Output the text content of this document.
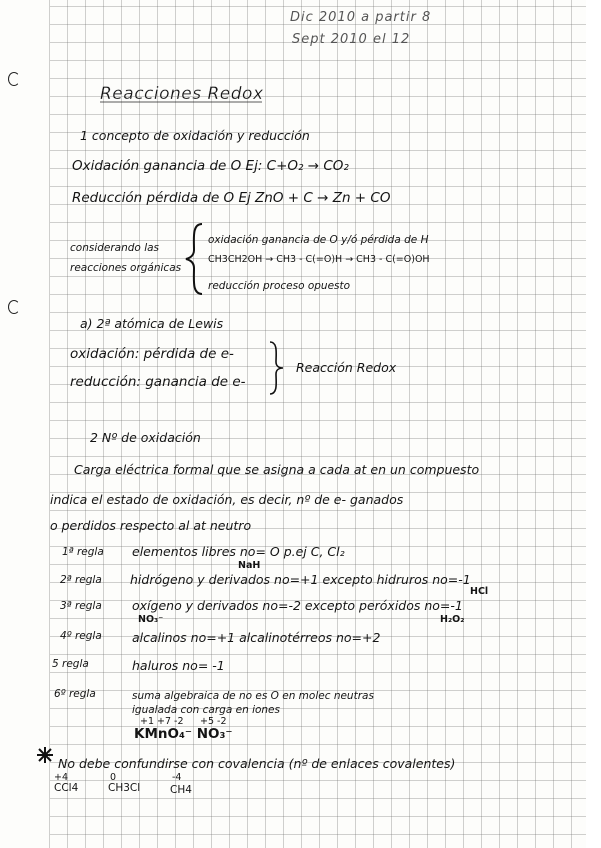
Dic 2010 a partir 8
Sept 2010 el 12
Reacciones Redox
1 concepto de oxidación y reducción
Oxidación ganancia de O Ej: C+O₂ → CO₂
Reducción pérdida de O Ej ZnO + C → Zn + CO
considerando las
reacciones orgánicas
oxidación ganancia de O y/ó pérdida de H
CH3CH2OH → CH3 - C(=O)H → CH3 - C(=O)OH
reducción proceso opuesto
a) 2ª atómica de Lewis
oxidación: pérdida de e-
reducción: ganancia de e-
Reacción Redox
2 Nº de oxidación
Carga eléctrica formal que se asigna a cada at en un compuesto
indica el estado de oxidación, es decir, nº de e- ganados
o perdidos respecto al at neutro
1ª regla elementos libres no= O p.ej C, Cl₂
NaH
2ª regla hidrógeno y derivados no=+1 excepto hidruros no=-1
HCl
3ª regla oxígeno y derivados no=-2 excepto peróxidos no=-1
NO₃⁻	H₂O₂
4º regla alcalinos no=+1 alcalinotérreos no=+2
5 regla	haluros no= -1
6º regla	suma algebraica de no es O en molec neutras
igualada con carga en iones
+1 +7 -2 +5 -2
KMnO₄⁻ NO₃⁻
No debe confundirse con covalencia (nº de enlaces covalentes)
+4
CCl4
0
CH3Cl
-4
CH4
